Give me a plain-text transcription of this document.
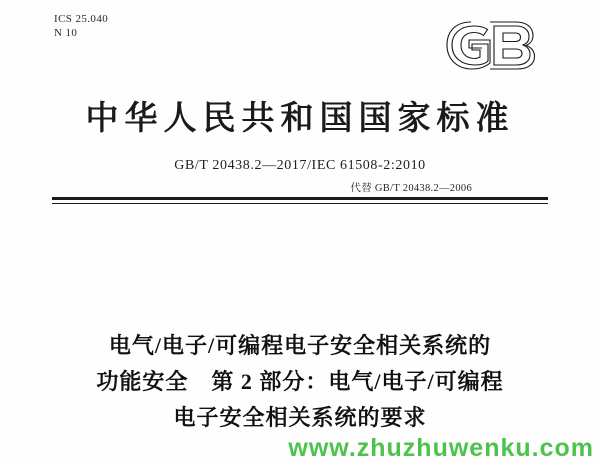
ICS 25.040
N 10
中华人民共和国国家标准
GB/T 20438.2—2017/IEC 61508-2:2010
代替 GB/T 20438.2—2006
电气/电子/可编程电子安全相关系统的
功能安全　第 2 部分：电气/电子/可编程
电子安全相关系统的要求
www.zhuzhuwenku.com
